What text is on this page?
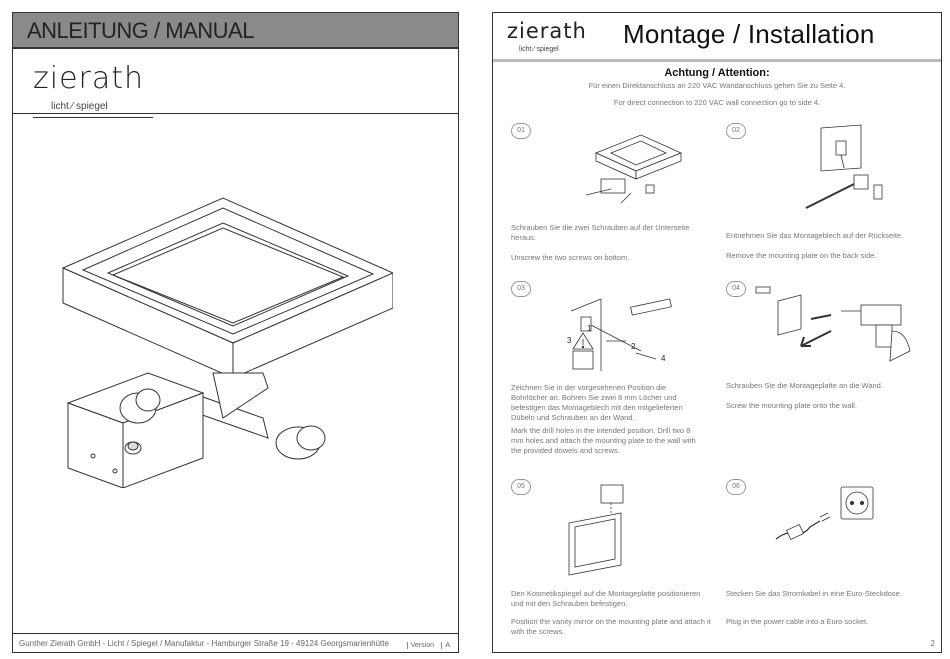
ANLEITUNG / MANUAL
zierath
licht ⁄ spiegel
Gunther Zierath GmbH - Licht / Spiegel / Manufaktur - Hamburger Straße 19 - 49124 Georgsmarienhütte	Version	A
zierath
licht ⁄ spiegel
Montage / Installation
Achtung / Attention:
Für einen Direktanschluss an 220 VAC Wandanschluss gehen Sie zu Seite 4.
For direct connection to 220 VAC wall connection go to side 4.
01
Schrauben Sie die zwei Schrauben auf der Unterseite heraus.
Unscrew the two screws on bottom.
02
Entnehmen Sie das Montageblech auf der Rückseite.
Remove the mounting plate on the back side.
03
1
2
3
4
Zeichnen Sie in der vorgesehenen Position die Bohrlöcher an. Bohren Sie zwei 8 mm Löcher und befestigen das Montageblech mit den mitgelieferten Dübeln und Schrauben an der Wand.
Mark the drill holes in the intended position. Drill two 8 mm holes and attach the mounting plate to the wall with the provided dowels and screws.
04
Schrauben Sie die Montageplatte an die Wand.
Screw the mounting plate onto the wall.
05
Den Kosmetikspiegel auf die Montageplatte positionieren und mit den Schrauben befestigen.
Position the vanity mirror on the mounting plate and attach it with the screws.
06
Stecken Sie das Stromkabel in eine Euro-Steckdose.
Plug in the power cable into a Euro socket.
2
